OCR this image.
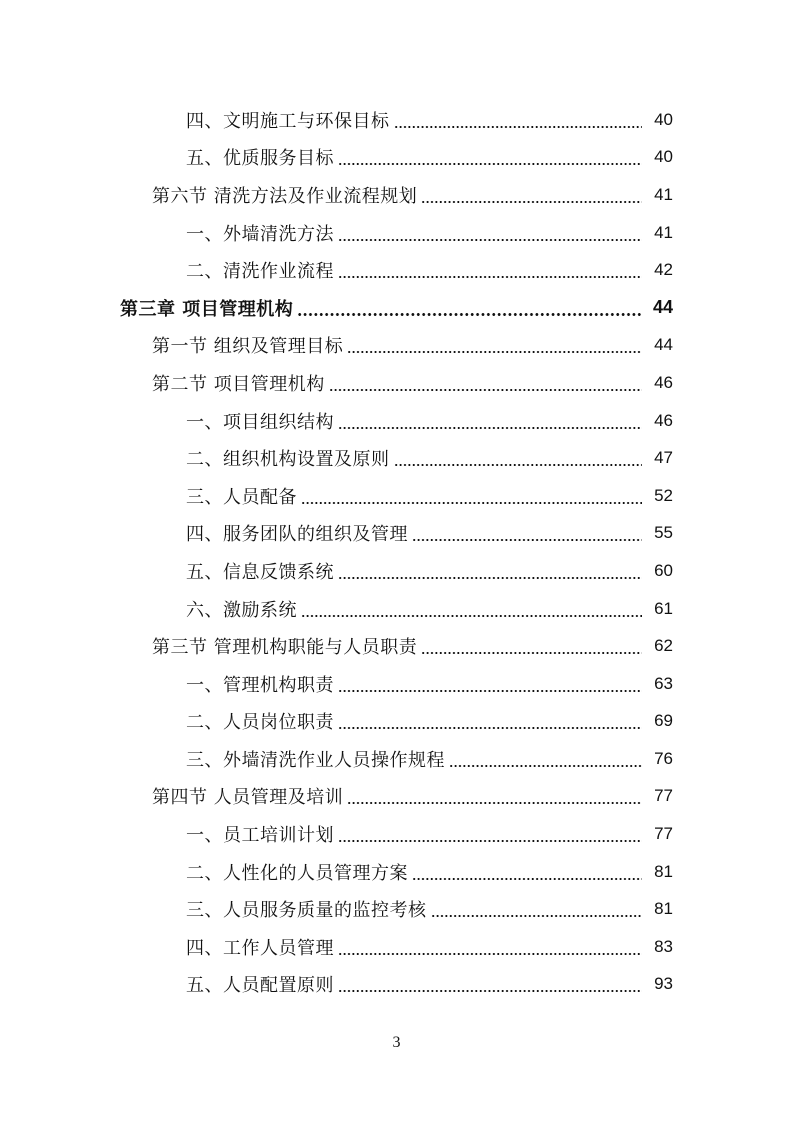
四、文明施工与环保目标	40
五、优质服务目标	40
第六节 清洗方法及作业流程规划	41
一、外墙清洗方法	41
二、清洗作业流程	42
第三章 项目管理机构	44
第一节 组织及管理目标	44
第二节 项目管理机构	46
一、项目组织结构	46
二、组织机构设置及原则	47
三、人员配备	52
四、服务团队的组织及管理	55
五、信息反馈系统	60
六、激励系统	61
第三节 管理机构职能与人员职责	62
一、管理机构职责	63
二、人员岗位职责	69
三、外墙清洗作业人员操作规程	76
第四节 人员管理及培训	77
一、员工培训计划	77
二、人性化的人员管理方案	81
三、人员服务质量的监控考核	81
四、工作人员管理	83
五、人员配置原则	93
3
